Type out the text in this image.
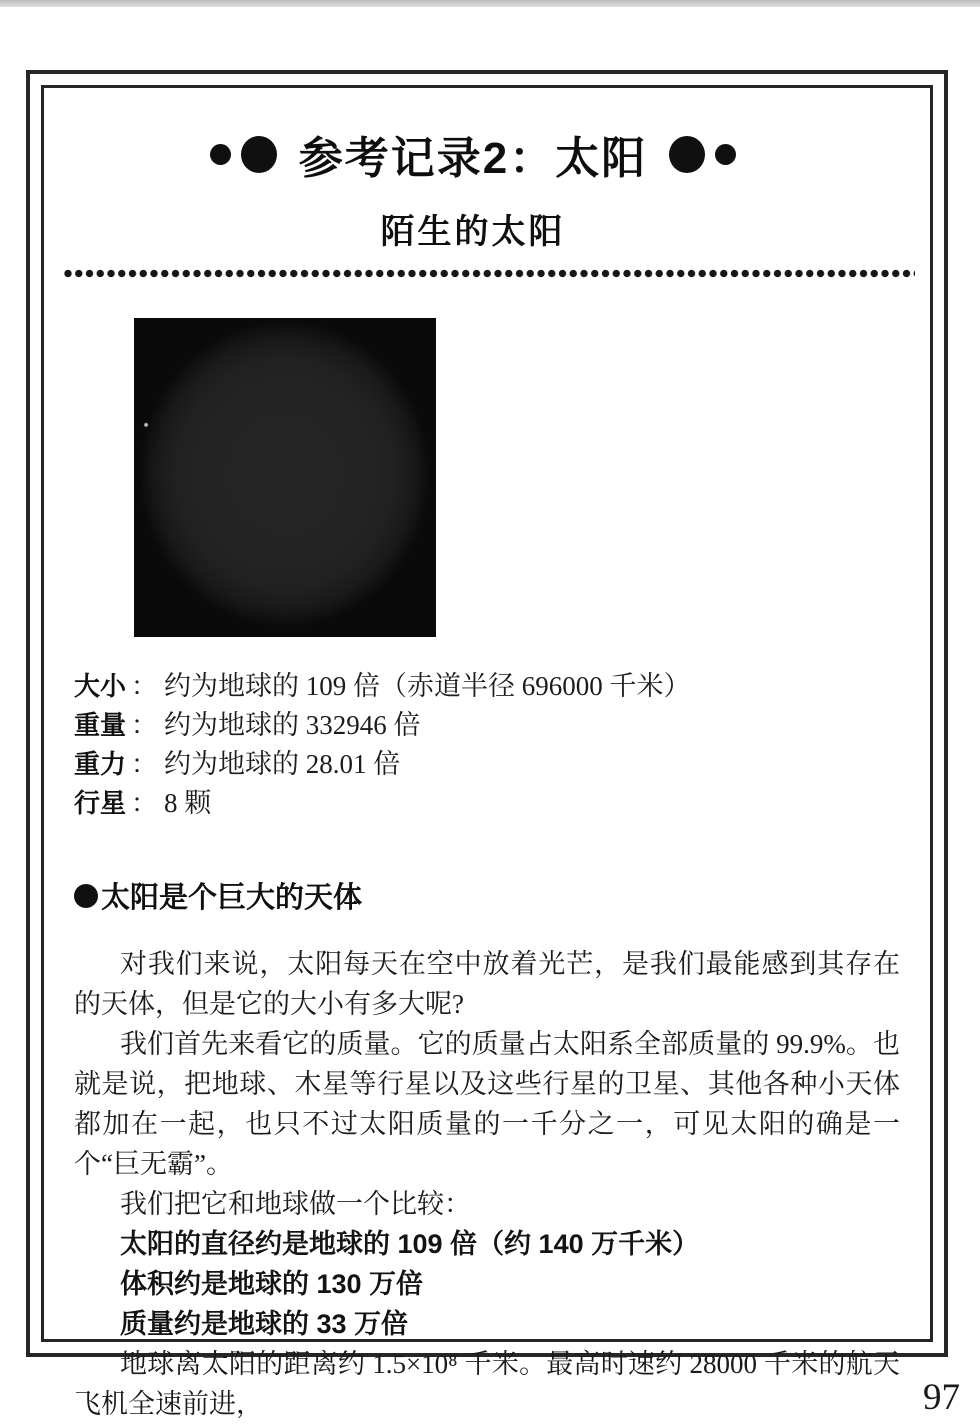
参考记录2：太阳
陌生的太阳
大小 ： 约为地球的 109 倍（赤道半径 696000 千米）
重量 ： 约为地球的 332946 倍
重力 ： 约为地球的 28.01 倍
行星 ： 8 颗
太阳是个巨大的天体

对我们来说，太阳每天在空中放着光芒，是我们最能感到其存在的天体，但是它的大小有多大呢?

我们首先来看它的质量。它的质量占太阳系全部质量的 99.9%。也就是说，把地球、木星等行星以及这些行星的卫星、其他各种小天体都加在一起，也只不过太阳质量的一千分之一，可见太阳的确是一个“巨无霸”。

我们把它和地球做一个比较：

太阳的直径约是地球的 109 倍（约 140 万千米）

体积约是地球的 130 万倍

质量约是地球的 33 万倍

地球离太阳的距离约 1.5×10⁸ 千米。最高时速约 28000 千米的航天飞机全速前进，	97
